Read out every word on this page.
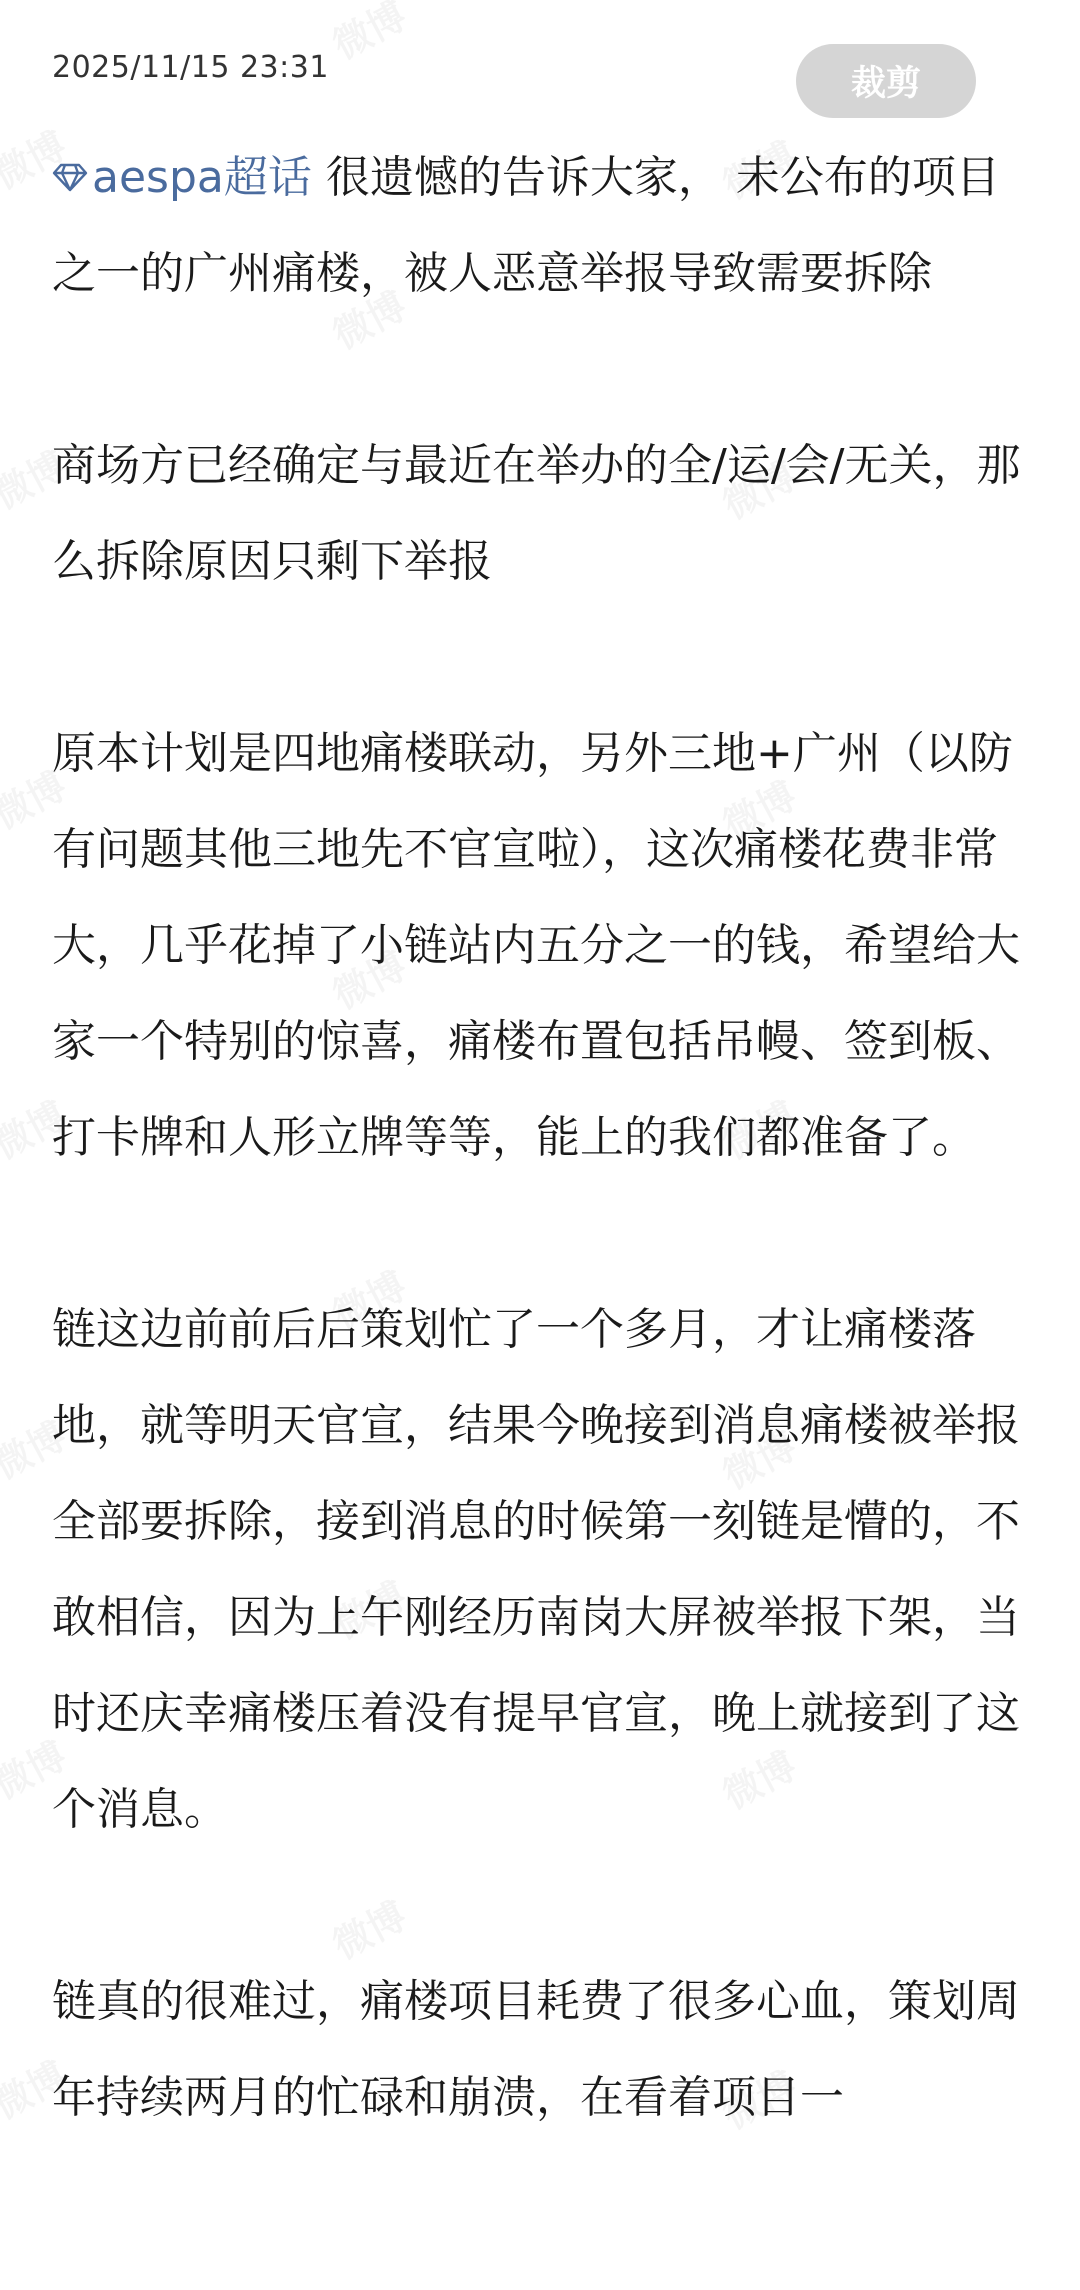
2025/11/15 23:31	裁剪

aespa超话 很遗憾的告诉大家， 未公布的项目之一的广州痛楼，被人恶意举报导致需要拆除

商场方已经确定与最近在举办的全/运/会/无关，那么拆除原因只剩下举报

原本计划是四地痛楼联动，另外三地+广州（以防有问题其他三地先不官宣啦），这次痛楼花费非常大，几乎花掉了小链站内五分之一的钱，希望给大家一个特别的惊喜，痛楼布置包括吊幔、签到板、打卡牌和人形立牌等等，能上的我们都准备了。

链这边前前后后策划忙了一个多月，才让痛楼落地，就等明天官宣，结果今晚接到消息痛楼被举报全部要拆除，接到消息的时候第一刻链是懵的，不敢相信，因为上午刚经历南岗大屏被举报下架，当时还庆幸痛楼压着没有提早官宣，晚上就接到了这个消息。

链真的很难过，痛楼项目耗费了很多心血，策划周年持续两月的忙碌和崩溃，在看着项目一
